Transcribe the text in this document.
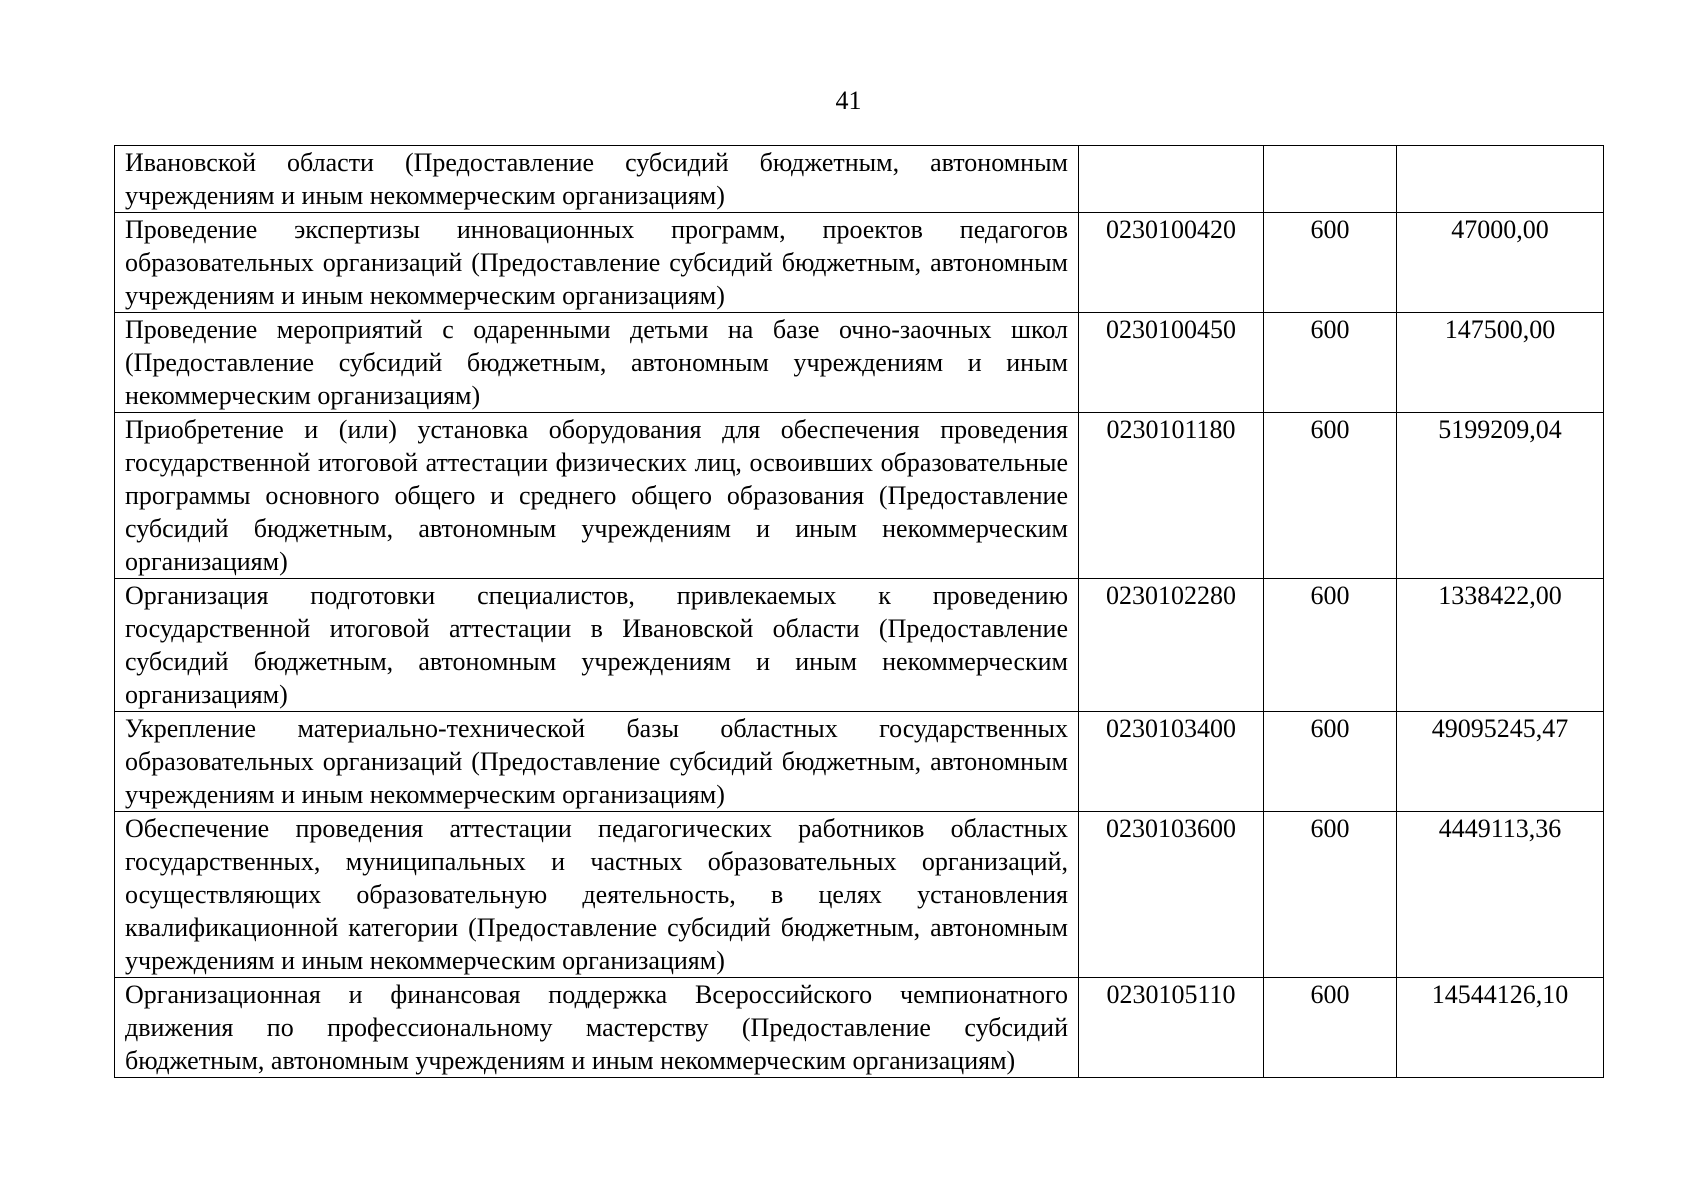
41
Ивановской области (Предоставление субсидий бюджетным, автономным учреждениям и иным некоммерческим организациям)			
Проведение экспертизы инновационных программ, проектов педагогов образовательных организаций (Предоставление субсидий бюджетным, автономным учреждениям и иным некоммерческим организациям)	0230100420	600	47000,00
Проведение мероприятий с одаренными детьми на базе очно-заочных школ (Предоставление субсидий бюджетным, автономным учреждениям и иным некоммерческим организациям)	0230100450	600	147500,00
Приобретение и (или) установка оборудования для обеспечения проведения государственной итоговой аттестации физических лиц, освоивших образовательные программы основного общего и среднего общего образования (Предоставление субсидий бюджетным, автономным учреждениям и иным некоммерческим организациям)	0230101180	600	5199209,04
Организация подготовки специалистов, привлекаемых к проведению государственной итоговой аттестации в Ивановской области (Предоставление субсидий бюджетным, автономным учреждениям и иным некоммерческим организациям)	0230102280	600	1338422,00
Укрепление материально-технической базы областных государственных образовательных организаций (Предоставление субсидий бюджетным, автономным учреждениям и иным некоммерческим организациям)	0230103400	600	49095245,47
Обеспечение проведения аттестации педагогических работников областных государственных, муниципальных и частных образовательных организаций, осуществляющих образовательную деятельность, в целях установления квалификационной категории (Предоставление субсидий бюджетным, автономным учреждениям и иным некоммерческим организациям)	0230103600	600	4449113,36
Организационная и финансовая поддержка Всероссийского чемпионатного движения по профессиональному мастерству (Предоставление субсидий бюджетным, автономным учреждениям и иным некоммерческим организациям)	0230105110	600	14544126,10
